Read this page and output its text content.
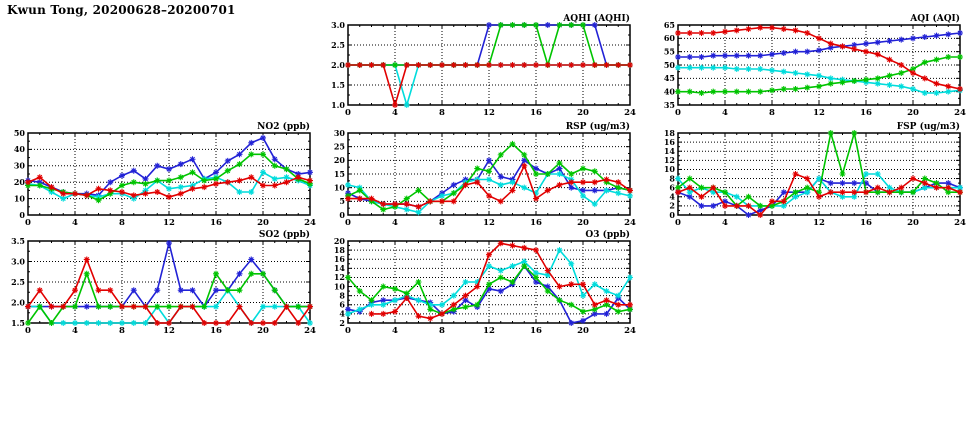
Kwun Tong, 20200628–20200701
1.0
1.5
2.0
2.5
3.0
0	4	8	12	16	20	24
AQHI (AQHI)
35
40
45
50
55
60
65
0	4	8	12	16	20	24
AQI (AQI)
0
10
20
30
40
50
0	4	8	12	16	20	24
NO2 (ppb)
0
5
10
15
20
25
30
0	4	8	12	16	20	24
RSP (ug/m3)
0
2
4
6
8
10
12
14
16
18
0	4	8	12	16	20	24
FSP (ug/m3)
1.5
2.0
2.5
3.0
3.5
0	4	8	12	16	20	24
SO2 (ppb)
2
4
6
8
10
12
14
16
18
20
0	4	8	12	16	20	24
O3 (ppb)
